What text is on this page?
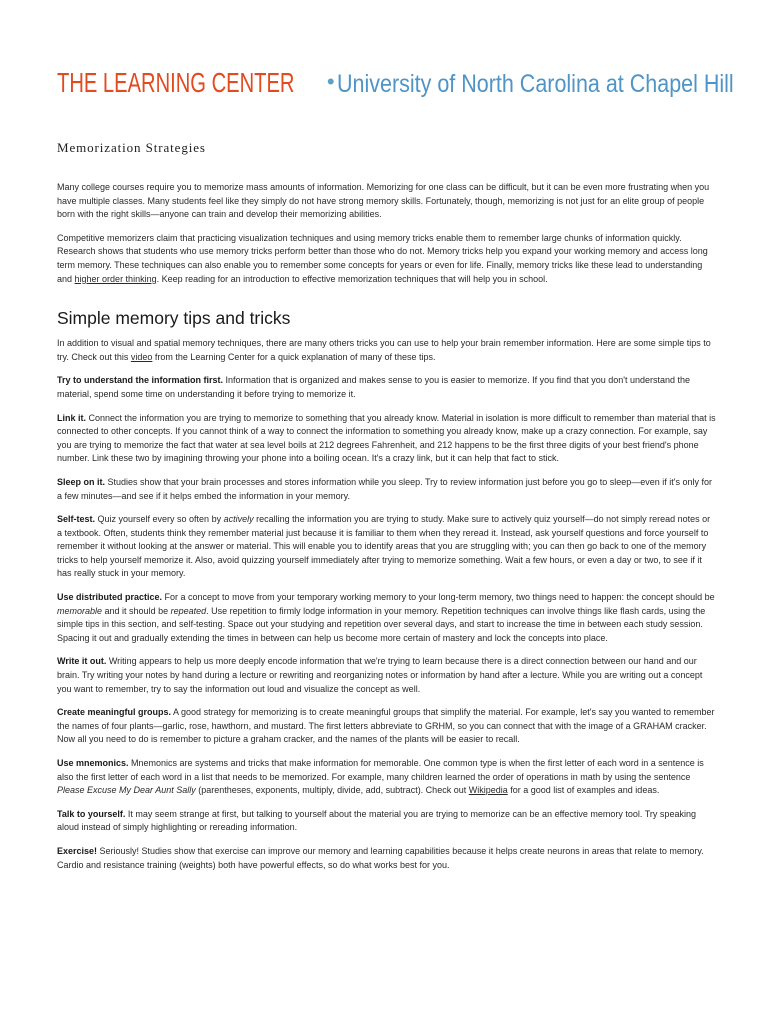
THE LEARNING CENTER •University of North Carolina at Chapel Hill
Memorization Strategies

Many college courses require you to memorize mass amounts of information. Memorizing for one class can be difficult, but it can be even more frustrating when you have multiple classes. Many students feel like they simply do not have strong memory skills. Fortunately, though, memorizing is not just for an elite group of people born with the right skills—anyone can train and develop their memorizing abilities.

Competitive memorizers claim that practicing visualization techniques and using memory tricks enable them to remember large chunks of information quickly. Research shows that students who use memory tricks perform better than those who do not. Memory tricks help you expand your working memory and access long term memory. These techniques can also enable you to remember some concepts for years or even for life. Finally, memory tricks like these lead to understanding and higher order thinking. Keep reading for an introduction to effective memorization techniques that will help you in school.

Simple memory tips and tricks

In addition to visual and spatial memory techniques, there are many others tricks you can use to help your brain remember information. Here are some simple tips to try. Check out this video from the Learning Center for a quick explanation of many of these tips.

Try to understand the information first. Information that is organized and makes sense to you is easier to memorize. If you find that you don't understand the material, spend some time on understanding it before trying to memorize it.

Link it. Connect the information you are trying to memorize to something that you already know. Material in isolation is more difficult to remember than material that is connected to other concepts. If you cannot think of a way to connect the information to something you already know, make up a crazy connection. For example, say you are trying to memorize the fact that water at sea level boils at 212 degrees Fahrenheit, and 212 happens to be the first three digits of your best friend's phone number. Link these two by imagining throwing your phone into a boiling ocean. It's a crazy link, but it can help that fact to stick.

Sleep on it. Studies show that your brain processes and stores information while you sleep. Try to review information just before you go to sleep—even if it's only for a few minutes—and see if it helps embed the information in your memory.

Self-test. Quiz yourself every so often by actively recalling the information you are trying to study. Make sure to actively quiz yourself—do not simply reread notes or a textbook. Often, students think they remember material just because it is familiar to them when they reread it. Instead, ask yourself questions and force yourself to remember it without looking at the answer or material. This will enable you to identify areas that you are struggling with; you can then go back to one of the memory tricks to help yourself memorize it. Also, avoid quizzing yourself immediately after trying to memorize something. Wait a few hours, or even a day or two, to see if it has really stuck in your memory.

Use distributed practice. For a concept to move from your temporary working memory to your long-term memory, two things need to happen: the concept should be memorable and it should be repeated. Use repetition to firmly lodge information in your memory. Repetition techniques can involve things like flash cards, using the simple tips in this section, and self-testing. Space out your studying and repetition over several days, and start to increase the time in between each study session. Spacing it out and gradually extending the times in between can help us become more certain of mastery and lock the concepts into place.

Write it out. Writing appears to help us more deeply encode information that we're trying to learn because there is a direct connection between our hand and our brain. Try writing your notes by hand during a lecture or rewriting and reorganizing notes or information by hand after a lecture. While you are writing out a concept you want to remember, try to say the information out loud and visualize the concept as well.

Create meaningful groups. A good strategy for memorizing is to create meaningful groups that simplify the material. For example, let's say you wanted to remember the names of four plants—garlic, rose, hawthorn, and mustard. The first letters abbreviate to GRHM, so you can connect that with the image of a GRAHAM cracker. Now all you need to do is remember to picture a graham cracker, and the names of the plants will be easier to recall.

Use mnemonics. Mnemonics are systems and tricks that make information for memorable. One common type is when the first letter of each word in a sentence is also the first letter of each word in a list that needs to be memorized. For example, many children learned the order of operations in math by using the sentence Please Excuse My Dear Aunt Sally (parentheses, exponents, multiply, divide, add, subtract). Check out Wikipedia for a good list of examples and ideas.

Talk to yourself. It may seem strange at first, but talking to yourself about the material you are trying to memorize can be an effective memory tool. Try speaking aloud instead of simply highlighting or rereading information.

Exercise! Seriously! Studies show that exercise can improve our memory and learning capabilities because it helps create neurons in areas that relate to memory. Cardio and resistance training (weights) both have powerful effects, so do what works best for you.
